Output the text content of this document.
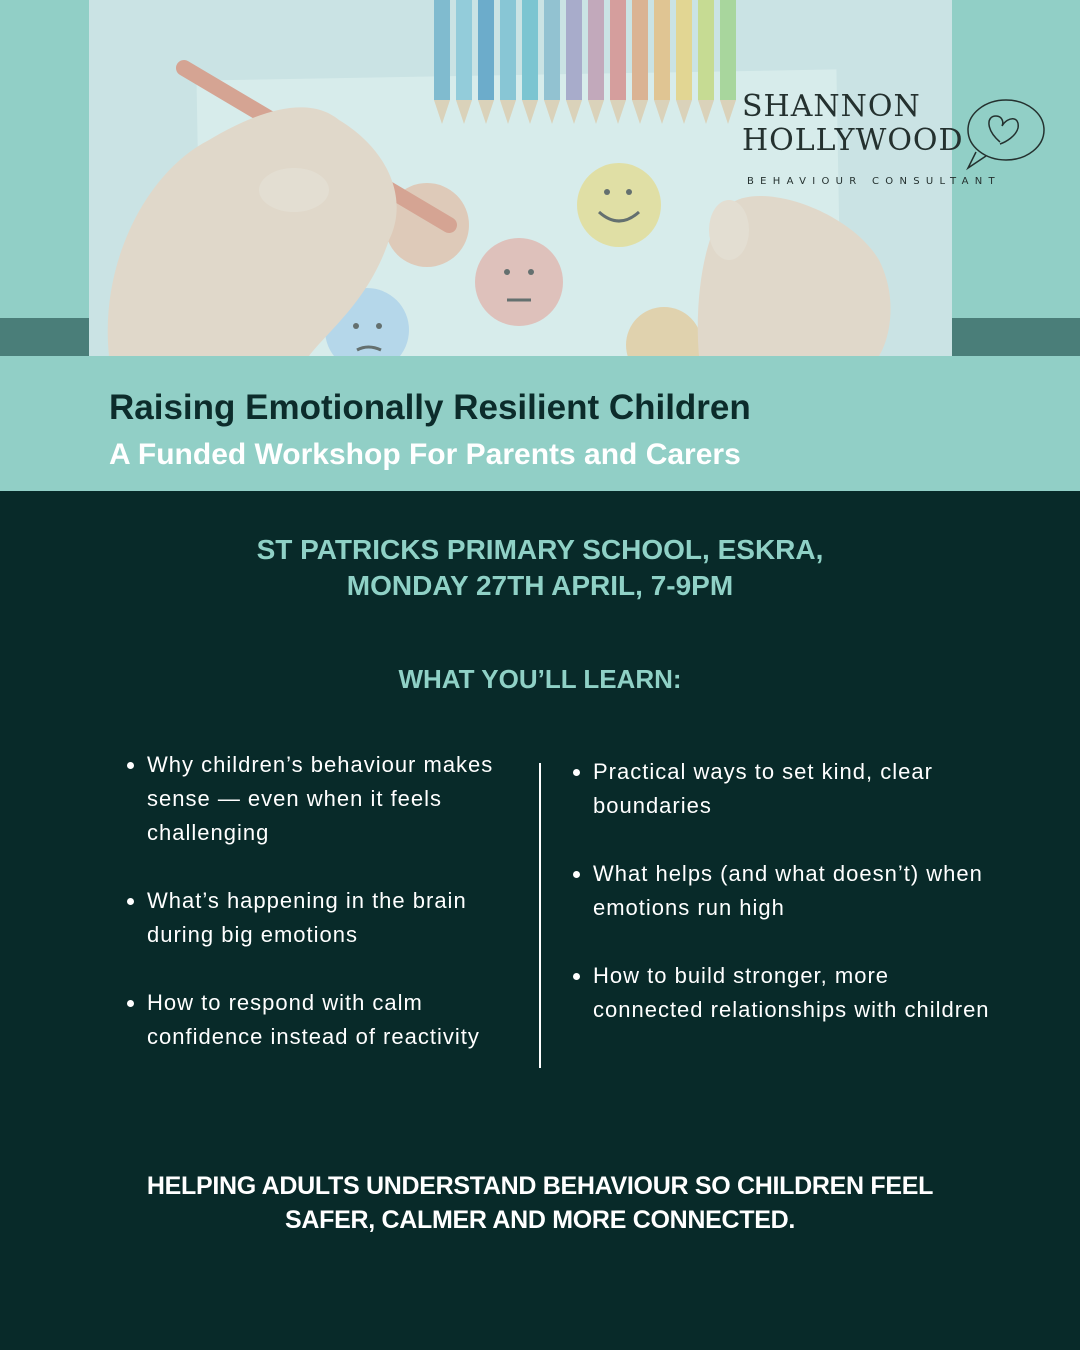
SHANNON
HOLLYWOOD
BEHAVIOUR CONSULTANT
Raising Emotionally Resilient Children
A Funded Workshop For Parents and Carers
ST PATRICKS PRIMARY SCHOOL, ESKRA,
MONDAY 27TH APRIL, 7-9PM
WHAT YOU’LL LEARN:
Why children’s behaviour makes sense — even when it feels challenging
What’s happening in the brain during big emotions
How to respond with calm confidence instead of reactivity
Practical ways to set kind, clear boundaries
What helps (and what doesn’t) when emotions run high
How to build stronger, more connected relationships with children
HELPING ADULTS UNDERSTAND BEHAVIOUR SO CHILDREN FEEL
SAFER, CALMER AND MORE CONNECTED.
